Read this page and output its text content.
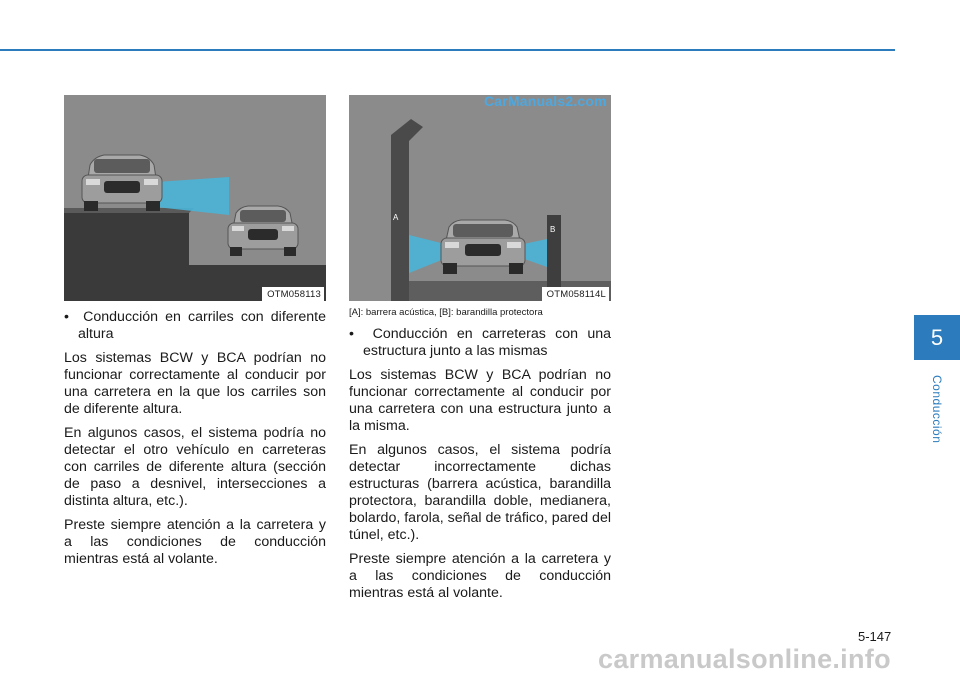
OTM058113
•  Conducción en carriles con diferente altura

Los sistemas BCW y BCA podrían no funcionar correctamente al conducir por una carretera en la que los carriles son de diferente altura.

En algunos casos, el sistema podría no detectar el otro vehículo en carreteras con carriles de diferente altura (sección de paso a desnivel, intersecciones a distinta altura, etc.).

Preste siempre atención a la carretera y a las condiciones de conducción mientras está al volante.

A
B
OTM058114L
[A]: barrera acústica, [B]: barandilla protectora
•  Conducción en carreteras con una estructura junto a las mismas

Los sistemas BCW y BCA podrían no funcionar correctamente al conducir por una carretera con una estructura junto a la misma.

En algunos casos, el sistema podría detectar incorrectamente dichas estructuras (barrera acústica, barandilla protectora, barandilla doble, medianera, bolardo, farola, señal de tráfico, pared del túnel, etc.).

Preste siempre atención a la carretera y a las condiciones de conducción mientras está al volante.

CarManuals2.com
5
Conducción
5-147
carmanualsonline.info
